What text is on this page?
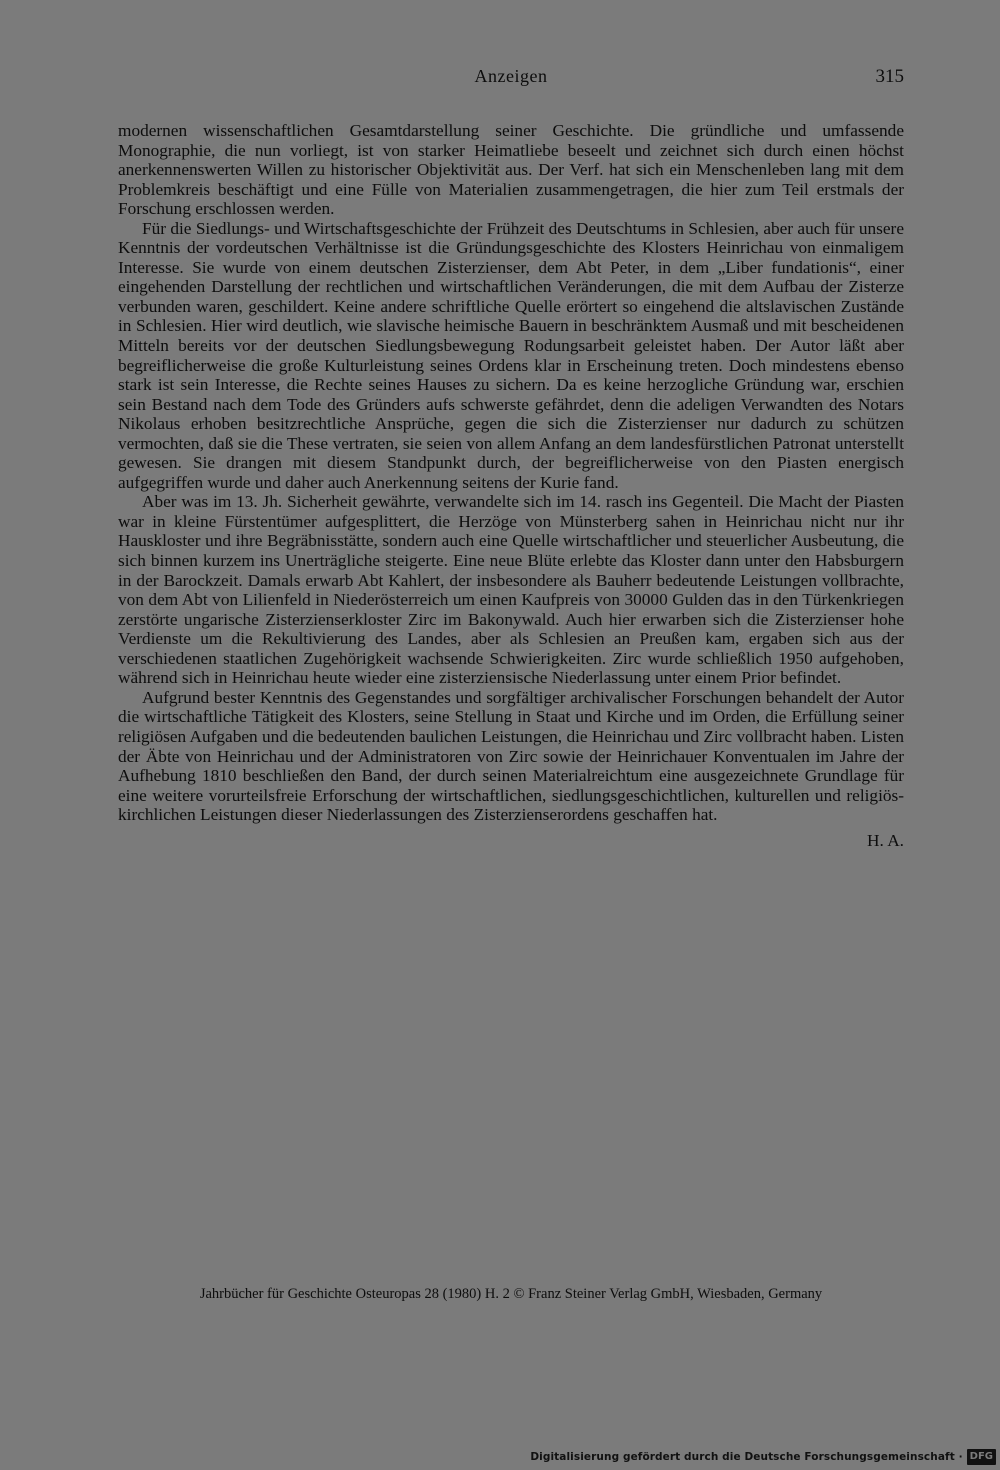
Anzeigen	315

modernen wissenschaftlichen Gesamtdarstellung seiner Geschichte. Die gründliche und umfassende Monographie, die nun vorliegt, ist von starker Heimatliebe beseelt und zeichnet sich durch einen höchst anerkennenswerten Willen zu historischer Objektivität aus. Der Verf. hat sich ein Menschenleben lang mit dem Problemkreis beschäftigt und eine Fülle von Materialien zusammengetragen, die hier zum Teil erstmals der Forschung erschlossen werden.

Für die Siedlungs- und Wirtschaftsgeschichte der Frühzeit des Deutschtums in Schlesien, aber auch für unsere Kenntnis der vordeutschen Verhältnisse ist die Gründungsgeschichte des Klosters Heinrichau von einmaligem Interesse. Sie wurde von einem deutschen Zisterzienser, dem Abt Peter, in dem „Liber fundationis“, einer eingehenden Darstellung der rechtlichen und wirtschaftlichen Veränderungen, die mit dem Aufbau der Zisterze verbunden waren, geschildert. Keine andere schriftliche Quelle erörtert so eingehend die altslavischen Zustände in Schlesien. Hier wird deutlich, wie slavische heimische Bauern in beschränktem Ausmaß und mit bescheidenen Mitteln bereits vor der deutschen Siedlungsbewegung Rodungsarbeit geleistet haben. Der Autor läßt aber begreiflicherweise die große Kulturleistung seines Ordens klar in Erscheinung treten. Doch mindestens ebenso stark ist sein Interesse, die Rechte seines Hauses zu sichern. Da es keine herzogliche Gründung war, erschien sein Bestand nach dem Tode des Gründers aufs schwerste gefährdet, denn die adeligen Verwandten des Notars Nikolaus erhoben besitzrechtliche Ansprüche, gegen die sich die Zisterzienser nur dadurch zu schützen vermochten, daß sie die These vertraten, sie seien von allem Anfang an dem landesfürstlichen Patronat unterstellt gewesen. Sie drangen mit diesem Standpunkt durch, der begreiflicherweise von den Piasten energisch aufgegriffen wurde und daher auch Anerkennung seitens der Kurie fand.

Aber was im 13. Jh. Sicherheit gewährte, verwandelte sich im 14. rasch ins Gegenteil. Die Macht der Piasten war in kleine Fürstentümer aufgesplittert, die Herzöge von Münsterberg sahen in Heinrichau nicht nur ihr Hauskloster und ihre Begräbnisstätte, sondern auch eine Quelle wirtschaftlicher und steuerlicher Ausbeutung, die sich binnen kurzem ins Unerträgliche steigerte. Eine neue Blüte erlebte das Kloster dann unter den Habsburgern in der Barockzeit. Damals erwarb Abt Kahlert, der insbesondere als Bauherr bedeutende Leistungen vollbrachte, von dem Abt von Lilienfeld in Niederösterreich um einen Kaufpreis von 30000 Gulden das in den Türkenkriegen zerstörte ungarische Zisterzienserkloster Zirc im Bakonywald. Auch hier erwarben sich die Zisterzienser hohe Verdienste um die Rekultivierung des Landes, aber als Schlesien an Preußen kam, ergaben sich aus der verschiedenen staatlichen Zugehörigkeit wachsende Schwierigkeiten. Zirc wurde schließlich 1950 aufgehoben, während sich in Heinrichau heute wieder eine zisterziensische Niederlassung unter einem Prior befindet.

Aufgrund bester Kenntnis des Gegenstandes und sorgfältiger archivalischer Forschungen behandelt der Autor die wirtschaftliche Tätigkeit des Klosters, seine Stellung in Staat und Kirche und im Orden, die Erfüllung seiner religiösen Aufgaben und die bedeutenden baulichen Leistungen, die Heinrichau und Zirc vollbracht haben. Listen der Äbte von Heinrichau und der Administratoren von Zirc sowie der Heinrichauer Konventualen im Jahre der Aufhebung 1810 beschließen den Band, der durch seinen Materialreichtum eine ausgezeichnete Grundlage für eine weitere vorurteilsfreie Erforschung der wirtschaftlichen, siedlungsgeschichtlichen, kulturellen und religiös-kirchlichen Leistungen dieser Niederlassungen des Zisterzienserordens geschaffen hat.

H. A.
Jahrbücher für Geschichte Osteuropas 28 (1980) H. 2 © Franz Steiner Verlag GmbH, Wiesbaden, Germany
Digitalisierung gefördert durch die Deutsche Forschungsgemeinschaft · DFG
